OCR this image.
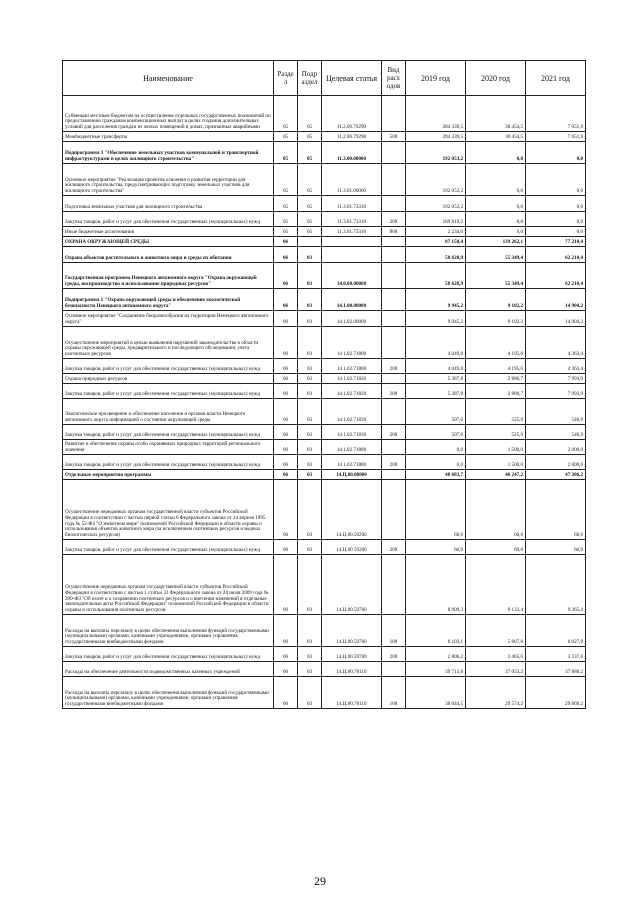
Наименование	Разде л	Подр аздел	Целевая статья	Вид расх одов	2019 год	2020 год	2021 год
Субвенции местным бюджетам на осуществление отдельных государственных полномочий по предоставлению гражданам компенсационных выплат в целях создания дополнительных условий для расселения граждан из жилых помещений в домах, признанных аварийными	05	05	11.2.06.79290		284 339,5	30 454,5	7 051,9
Межбюджетные трансферты	05	05	11.2.06.79290	500	284 339,5	30 454,5	7 051,9
Подпрограмма 3 "Обеспечение земельных участков коммунальной и транспортной инфраструктурами в целях жилищного строительства"	05	05	11.3.00.00000		192 053,2	0,0	0,0
Основное мероприятие "Реализация проектов освоения и развития территории для жилищного строительства, предусматривающих подготовку земельных участков для жилищного строительства"	05	05	11.3.01.00000		192 053,2	0,0	0,0
Подготовка земельных участков для жилищного строительства	05	05	11.3.01.73310		192 053,2	0,0	0,0
Закупка товаров, работ и услуг для обеспечения государственных (муниципальных) нужд	05	05	11.3.01.73310	200	189 819,2	0,0	0,0
Иные бюджетные ассигнования	05	05	11.3.01.73310	800	2 234,0	0,0	0,0
ОХРАНА ОКРУЖАЮЩЕЙ СРЕДЫ	06				87 158,4	139 262,1	77 210,4
Охрана объектов растительного и животного мира и среды их обитания	06	03			58 628,9	55 349,4	62 210,4
Государственная программа Ненецкого автономного округа "Охрана окружающей среды, воспроизводство и использование природных ресурсов"	06	03	14.0.00.00000		58 628,9	55 349,4	62 210,4
Подпрограмма 1 "Охрана окружающей среды и обеспечение экологической безопасности Ненецкого автономного округа"	06	03	14.1.00.00000		9 945,2	9 102,2	14 904,2
Основное мероприятие "Сохранение биоразнообразия на территории Ненецкого автономного округа"	06	03	14.1.02.00000		9 945,2	9 102,2	14 904,2
Осуществление мероприятий в целью выявления нарушений законодательства в области охраны окружающей среды, предварительного и последующего обследования, учета охотничьих ресурсов	06	03	14 1.02.71800		4 049,8	4 195,6	4 363,4
Закупка товаров, работ и услуг для обеспечения государственных (муниципальных) нужд	06	03	14.1.02.71800	200	4 049,8	4 195,6	4 363,4
Охрана природных ресурсов	06	03	14.1.02.71820		5 387,8	2 880,7	7 993,9
Закупка товаров, работ и услуг для обеспечения государственных (муниципальных) нужд	06	03	14.1.02.71820	200	5 387,8	2 880,7	7 993,9
Экологическое просвещение и обеспечение населения и органов власти Ненецкого автономного округа информацией о состоянии окружающей среды	06	03	14.1.02.71830		507,6	525,9	546,9
Закупка товаров, работ и услуг для обеспечения государственных (муниципальных) нужд	06	03	14.1.02.71830	200	507,6	525,9	546,9
Развитие и обеспечение охраны особо охраняемых природных территорий регионального значения	06	03	14.1.02.71880		0,0	1 500,0	2 000,0
Закупка товаров, работ и услуг для обеспечения государственных (муниципальных) нужд	06	03	14 1.02.71880	200	0,0	1 500,0	2 000,0
Отдельные мероприятия программы	06	03	14.Ц.00.00000		48 683,7	46 247,2	47 306,2
Осуществление переданных органам государственной власти субъектов Российской Федерации в соответствии с частью первой статьи 6 Федерального закона от 24 апреля 1995 года № 52-ФЗ "О животном мире" полномочий Российской Федерации в области охраны и использования объектов животного мира (за исключением охотничьих ресурсов и водных биологических ресурсов)	06	03	14.Ц.00.59200		60,6	60,6	60,6
Закупка товаров, работ и услуг для обеспечения государственных (муниципальных) нужд	06	03	14.Ц.00 59200	200	60,6	60,6	60,6
Осуществление переданных органам государственной власти субъектов Российской Федерации в соответствии с частью 1 статьи 33 Федерального закона от 24 июля 2009 года № 209-ФЗ "Об охоте и о сохранении охотничьих ресурсов и о внесении изменений в отдельные законодательные акты Российской Федерации" полномочий Российской Федерации в области охраны и использования охотничьих ресурсов	06	03	14.Ц.00.59700		8 909,3	9 133,4	9 365,4
Расходы на выплаты персоналу в целях обеспечения выполнения функций государственными (муниципальными) органами, казенными учреждениями, органами управления государственными внебюджетными фондами	06	03	14.Ц.00.59700	100	6 103,1	5 667,8	6 027,8
Закупка товаров, работ и услуг для обеспечения государственных (муниципальных) нужд	06	03	14.Ц.00.59700	200	2 806,2	3 465,6	3 337,6
Расходы на обеспечение деятельности подведомственных казенных учреждений	06	03	14.Ц.00.70110		39 713,8	37 053,2	37 880,2
Расходы на выплаты персоналу в целях обеспечения выполнения функций государственными (муниципальными) органами, казенными учреждениями, органами управления государственными внебюджетными фондами	06	03	14.Ц.00.70110	100	30 044,5	29 574,2	29 869,2
29
